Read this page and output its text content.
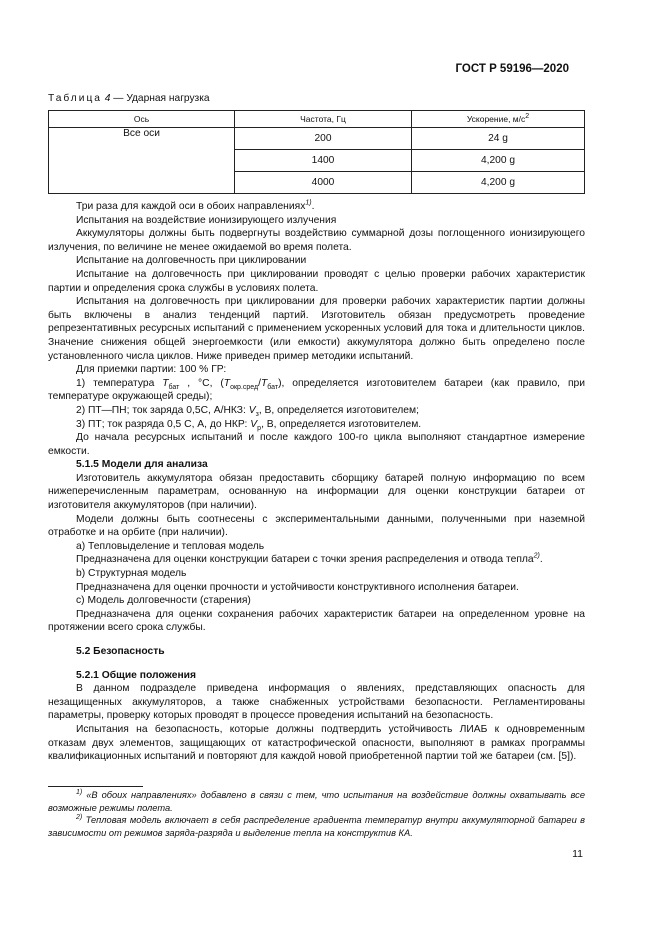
ГОСТ Р 59196—2020
Таблица 4 — Ударная нагрузка
Ось	Частота, Гц	Ускорение, $м/с^2$
Все оси	200	24 g
	1400	4,200 g
	4000	4,200 g

Три раза для каждой оси в обоих направлениях$^{1)}$.

Испытания на воздействие ионизирующего излучения

Аккумуляторы должны быть подвергнуты воздействию суммарной дозы поглощенного ионизирующего излучения, по величине не менее ожидаемой во время полета.

Испытание на долговечность при циклировании

Испытание на долговечность при циклировании проводят с целью проверки рабочих характеристик партии и определения срока службы в условиях полета.

Испытания на долговечность при циклировании для проверки рабочих характеристик партии должны быть включены в анализ тенденций партий. Изготовитель обязан предусмотреть проведение репрезентативных ресурсных испытаний с применением ускоренных условий для тока и длительности циклов. Значение снижения общей энергоемкости (или емкости) аккумулятора должно быть определено после установленного числа циклов. Ниже приведен пример методики испытаний.

Для приемки партии: 100 % ГР:

1) температура $T_{бат}$ , °С, $(T_{окр.сред}/T_{бат})$, определяется изготовителем батареи (как правило, при температуре окружающей среды);

2) ПТ—ПН; ток заряда 0,5С, А/НКЗ: $V_з$, В, определяется изготовителем;

3) ПТ; ток разряда 0,5 С, А, до НКР: $V_р$, В, определяется изготовителем.

До начала ресурсных испытаний и после каждого 100-го цикла выполняют стандартное измерение емкости.

5.1.5 Модели для анализа

Изготовитель аккумулятора обязан предоставить сборщику батарей полную информацию по всем нижеперечисленным параметрам, основанную на информации для оценки конструкции батареи от изготовителя аккумуляторов (при наличии).

Модели должны быть соотнесены с экспериментальными данными, полученными при наземной отработке и на орбите (при наличии).

а) Тепловыделение и тепловая модель

Предназначена для оценки конструкции батареи с точки зрения распределения и отвода тепла$^{2)}$.

b) Структурная модель

Предназначена для оценки прочности и устойчивости конструктивного исполнения батареи.

с) Модель долговечности (старения)

Предназначена для оценки сохранения рабочих характеристик батареи на определенном уровне на протяжении всего срока службы.

5.2 Безопасность

5.2.1 Общие положения

В данном подразделе приведена информация о явлениях, представляющих опасность для незащищенных аккумуляторов, а также снабженных устройствами безопасности. Регламентированы параметры, проверку которых проводят в процессе проведения испытаний на безопасность.

Испытания на безопасность, которые должны подтвердить устойчивость ЛИАБ к одновременным отказам двух элементов, защищающих от катастрофической опасности, выполняют в рамках программы квалификационных испытаний и повторяют для каждой новой приобретенной партии той же батареи (см. [5]).

$^{1)}$ «В обоих направлениях» добавлено в связи с тем, что испытания на воздействие должны охватывать все возможные режимы полета.
$^{2)}$ Тепловая модель включает в себя распределение градиента температур внутри аккумуляторной батареи в зависимости от режимов заряда-разряда и выделение тепла на конструктив КА.
11
